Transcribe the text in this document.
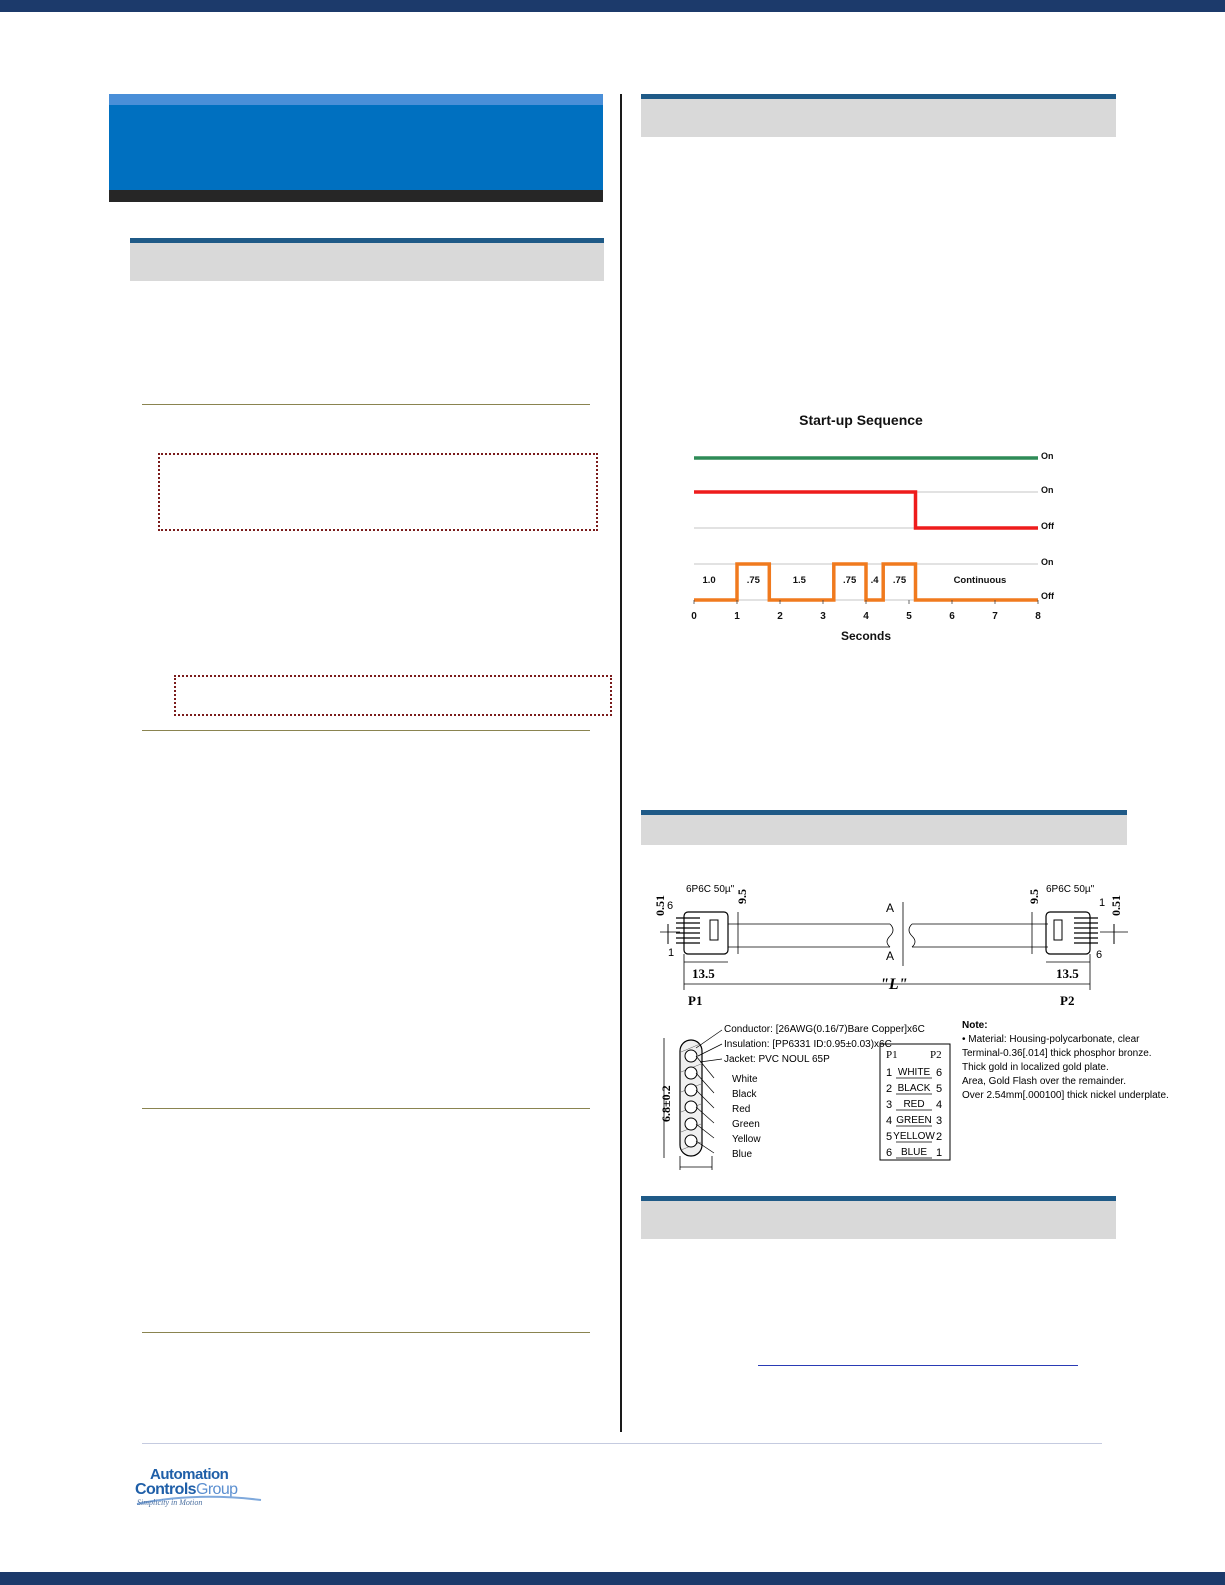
Start-up Sequence
On
On
Off
On
Off
1.0	.75	1.5	.75 .4 .75	Continuous
0	1	2	3	4	5	6	7	8
Seconds
0.51
6P6C 50µ"
6
1
9.5
A
A
9.5 6P6C 50µ"
1
6
0.51
13.5	13.5
"L"
P1	P2
6.8±0.2
Conductor: [26AWG(0.16/7)Bare Copper]x6C
Insulation: [PP6331 ID:0.95±0.03)x6C
Jacket: PVC NOUL 65P
White
Black
Red
Green
Yellow
Blue
P1	P2
1 WHITE 6
2 BLACK 5
3 RED 4
4 GREEN 3
5 YELLOW 2
6 BLUE 1
Note:
• Material: Housing-polycarbonate, clear
Terminal-0.36[.014] thick phosphor bronze.
Thick gold in localized gold plate.
Area, Gold Flash over the remainder.
Over 2.54mm[.000100] thick nickel underplate.
Automation
ControlsGroup
Simplicity in Motion
